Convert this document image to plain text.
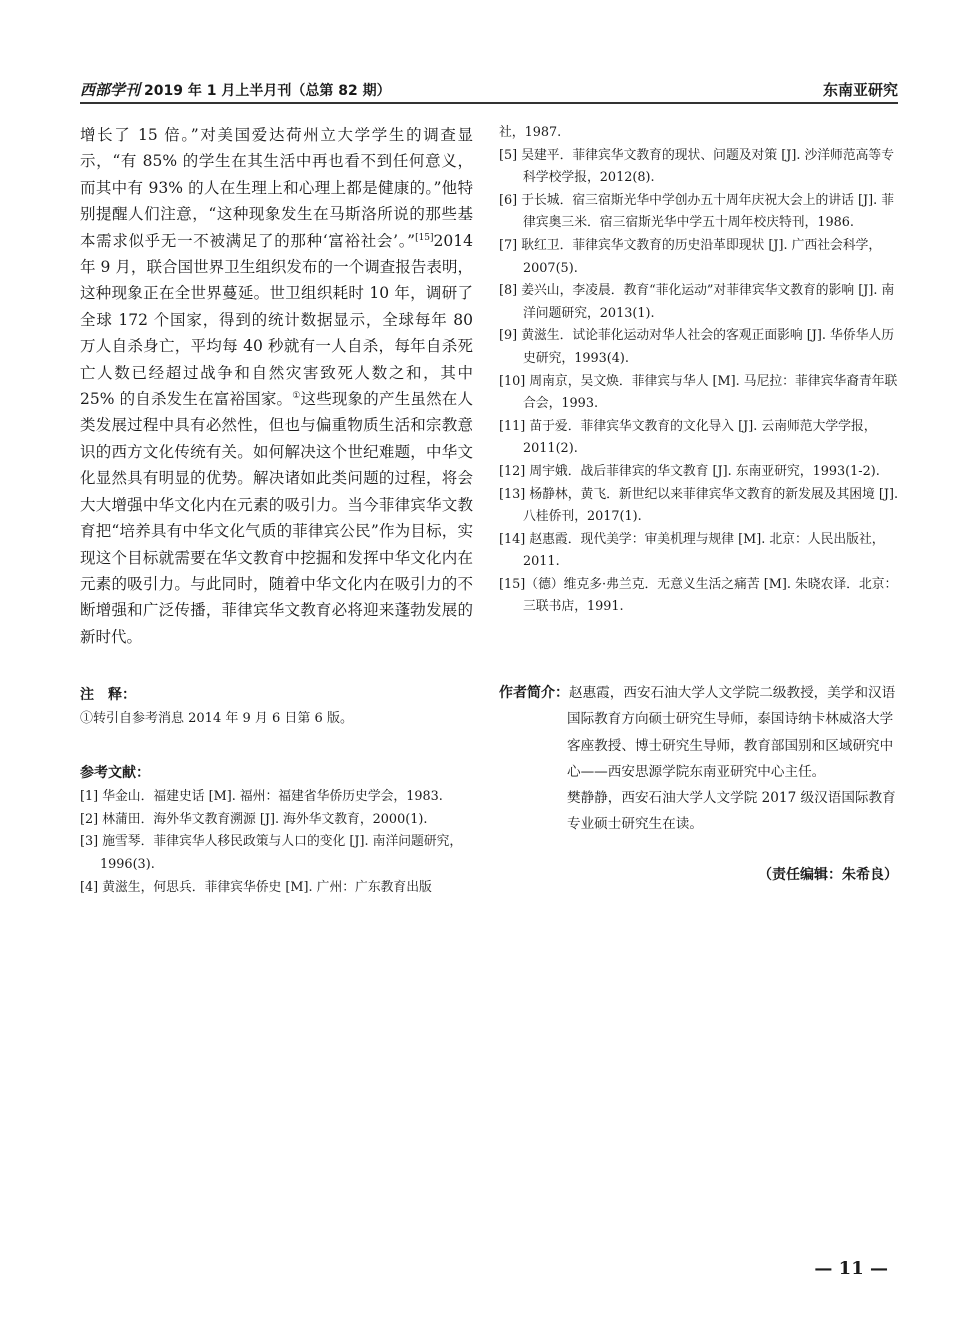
西部学刊 2019 年 1 月上半月刊（总第 82 期）	东南亚研究

增长了 15 倍。”对美国爱达荷州立大学学生的调查显示，“有 85% 的学生在其生活中再也看不到任何意义，而其中有 93% 的人在生理上和心理上都是健康的。”他特别提醒人们注意，“这种现象发生在马斯洛所说的那些基本需求似乎无一不被满足了的那种‘富裕社会’。”[15]2014 年 9 月，联合国世界卫生组织发布的一个调查报告表明，这种现象正在全世界蔓延。世卫组织耗时 10 年，调研了全球 172 个国家，得到的统计数据显示，全球每年 80 万人自杀身亡，平均每 40 秒就有一人自杀，每年自杀死亡人数已经超过战争和自然灾害致死人数之和，其中 25% 的自杀发生在富裕国家。①这些现象的产生虽然在人类发展过程中具有必然性，但也与偏重物质生活和宗教意识的西方文化传统有关。如何解决这个世纪难题，中华文化显然具有明显的优势。解决诸如此类问题的过程，将会大大增强中华文化内在元素的吸引力。当今菲律宾华文教育把“培养具有中华文化气质的菲律宾公民”作为目标，实现这个目标就需要在华文教育中挖掘和发挥中华文化内在元素的吸引力。与此同时，随着中华文化内在吸引力的不断增强和广泛传播，菲律宾华文教育必将迎来蓬勃发展的新时代。

注　释：

①转引自参考消息 2014 年 9 月 6 日第 6 版。

参考文献：

[1] 华金山．福建史话 [M]. 福州：福建省华侨历史学会，1983.
[2] 林蒲田．海外华文教育溯源 [J]. 海外华文教育，2000(1).
[3] 施雪琴．菲律宾华人移民政策与人口的变化 [J]. 南洋问题研究，1996(3).
[4] 黄滋生，何思兵．菲律宾华侨史 [M]. 广州：广东教育出版
社，1987.
[5] 吴建平．菲律宾华文教育的现状、问题及对策 [J]. 沙洋师范高等专科学校学报，2012(8).
[6] 于长城．宿三宿斯光华中学创办五十周年庆祝大会上的讲话 [J]. 菲律宾奥三米．宿三宿斯光华中学五十周年校庆特刊，1986.
[7] 耿红卫．菲律宾华文教育的历史沿革即现状 [J]. 广西社会科学，2007(5).
[8] 姜兴山，李凌晨．教育“菲化运动”对菲律宾华文教育的影响 [J]. 南洋问题研究，2013(1).
[9] 黄滋生．试论菲化运动对华人社会的客观正面影响 [J]. 华侨华人历史研究，1993(4).
[10] 周南京，吴文焕．菲律宾与华人 [M]. 马尼拉：菲律宾华裔青年联合会，1993.
[11] 苗于爱．菲律宾华文教育的文化导入 [J]. 云南师范大学学报，2011(2).
[12] 周宇娥．战后菲律宾的华文教育 [J]. 东南亚研究，1993(1-2).
[13] 杨静林，黄飞．新世纪以来菲律宾华文教育的新发展及其困境 [J]. 八桂侨刊，2017(1).
[14] 赵惠霞．现代美学：审美机理与规律 [M]. 北京：人民出版社，2011.
[15]（德）维克多·弗兰克．无意义生活之痛苦 [M]. 朱晓农译．北京：三联书店，1991.
作者简介：赵惠霞，西安石油大学人文学院二级教授，美学和汉语国际教育方向硕士研究生导师，泰国诗纳卡林威洛大学客座教授、博士研究生导师，教育部国别和区域研究中心——西安思源学院东南亚研究中心主任。
樊静静，西安石油大学人文学院 2017 级汉语国际教育专业硕士研究生在读。
（责任编辑：朱希良）
— 11 —
